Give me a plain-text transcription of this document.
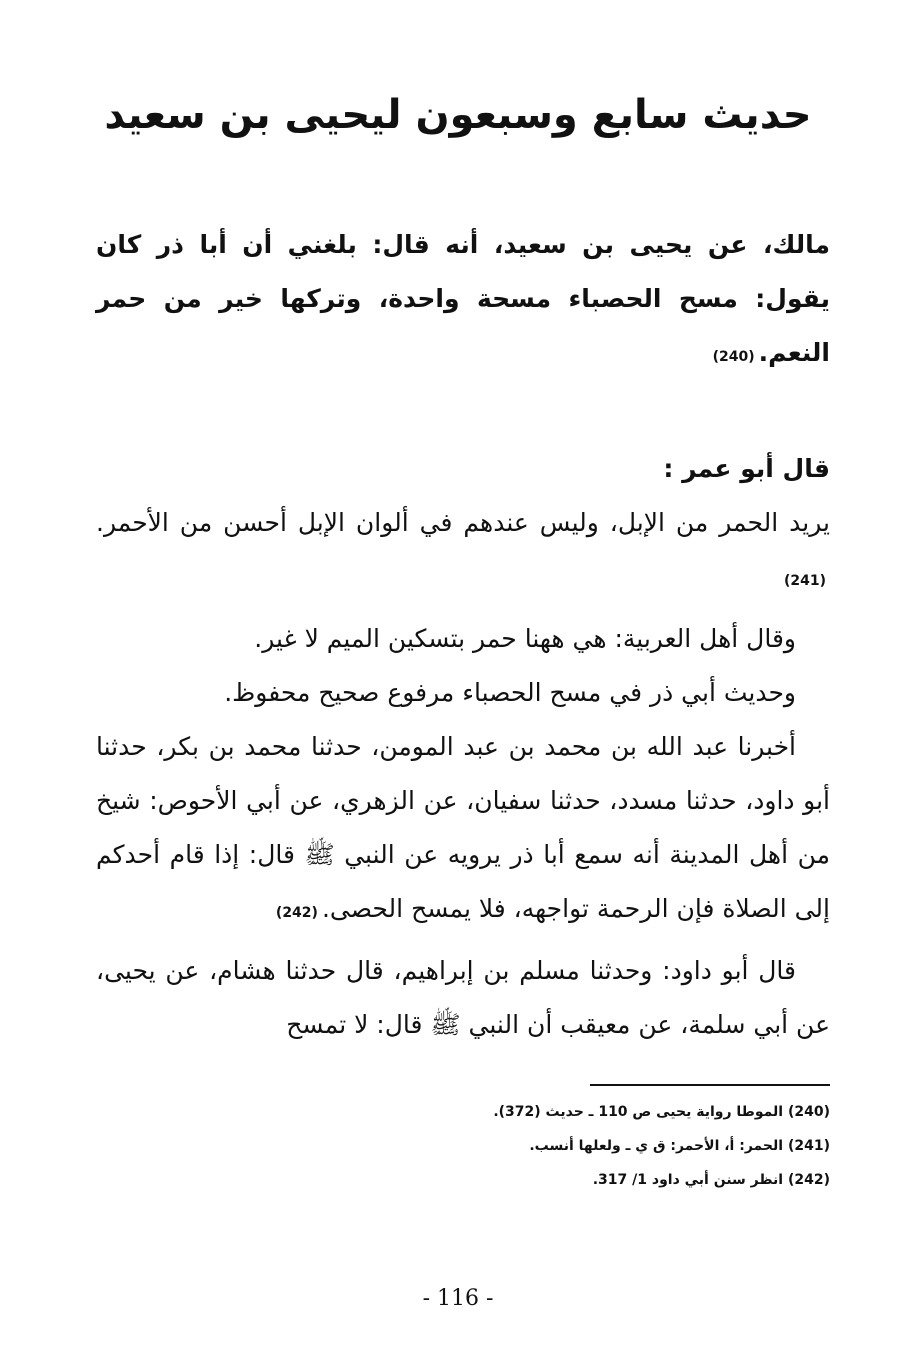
حديث سابع وسبعون ليحيى بن سعيد

مالك، عن يحيى بن سعيد، أنه قال: بلغني أن أبا ذر كان يقول: مسح الحصباء مسحة واحدة، وتركها خير من حمر النعم.(240)

قال أبو عمر :

يريد الحمر من الإبل، وليس عندهم في ألوان الإبل أحسن من الأحمر.(241)

وقال أهل العربية: هي ههنا حمر بتسكين الميم لا غير.

وحديث أبي ذر في مسح الحصباء مرفوع صحيح محفوظ.

أخبرنا عبد الله بن محمد بن عبد المومن، حدثنا محمد بن بكر، حدثنا أبو داود، حدثنا مسدد، حدثنا سفيان، عن الزهري، عن أبي الأحوص: شيخ من أهل المدينة أنه سمع أبا ذر يرويه عن النبي ﷺ قال: إذا قام أحدكم إلى الصلاة فإن الرحمة تواجهه، فلا يمسح الحصى.(242)

قال أبو داود: وحدثنا مسلم بن إبراهيم، قال حدثنا هشام، عن يحيى، عن أبي سلمة، عن معيقب أن النبي ﷺ قال: لا تمسح

(240) الموطا رواية يحيى ص 110 ـ حديث (372).
(241) الحمر: أ، الأحمر: ق ي ـ ولعلها أنسب.
(242) انظر سنن أبي داود 1/ 317.
- 116 -
